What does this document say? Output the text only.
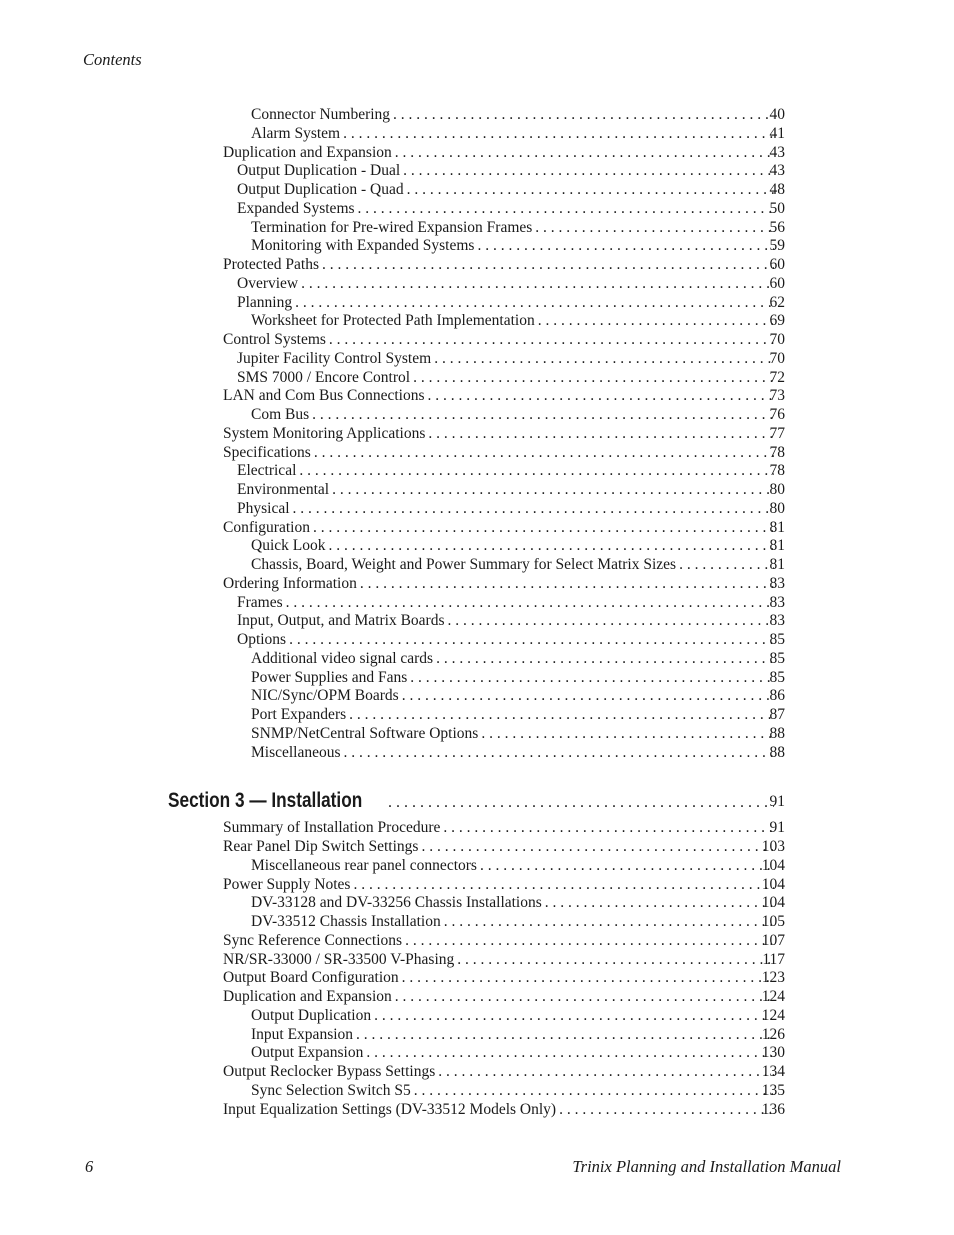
Contents
Connector Numbering . . .	40
Alarm System . . .	41
Duplication and Expansion . . .	43
Output Duplication - Dual . . .	43
Output Duplication - Quad . . .	48
Expanded Systems . . .	50
Termination for Pre-wired Expansion Frames . . .	56
Monitoring with Expanded Systems . . .	59
Protected Paths . . .	60
Overview . . .	60
Planning . . .	62
Worksheet for Protected Path Implementation . . .	69
Control Systems . . .	70
Jupiter Facility Control System . . .	70
SMS 7000 / Encore Control . . .	72
LAN and Com Bus Connections . . .	73
Com Bus . . .	76
System Monitoring Applications . . .	77
Specifications . . .	78
Electrical . . .	78
Environmental . . .	80
Physical . . .	80
Configuration . . .	81
Quick Look . . .	81
Chassis, Board, Weight and Power Summary for Select Matrix Sizes . . .	81
Ordering Information . . .	83
Frames . . .	83
Input, Output, and Matrix Boards . . .	83
Options . . .	85
Additional video signal cards . . .	85
Power Supplies and Fans . . .	85
NIC/Sync/OPM Boards . . .	86
Port Expanders . . .	87
SNMP/NetCentral Software Options . . .	88
Miscellaneous . . .	88
Section 3 — Installation . . .	91
Summary of Installation Procedure . . .	91
Rear Panel Dip Switch Settings . . .	103
Miscellaneous rear panel connectors . . .	104
Power Supply Notes . . .	104
DV-33128 and DV-33256 Chassis Installations . . .	104
DV-33512 Chassis Installation . . .	105
Sync Reference Connections . . .	107
NR/SR-33000 / SR-33500 V-Phasing . . .	117
Output Board Configuration . . .	123
Duplication and Expansion . . .	124
Output Duplication . . .	124
Input Expansion . . .	126
Output Expansion . . .	130
Output Reclocker Bypass Settings . . .	134
Sync Selection Switch S5 . . .	135
Input Equalization Settings (DV-33512 Models Only) . . .	136
6	Trinix Planning and Installation Manual
